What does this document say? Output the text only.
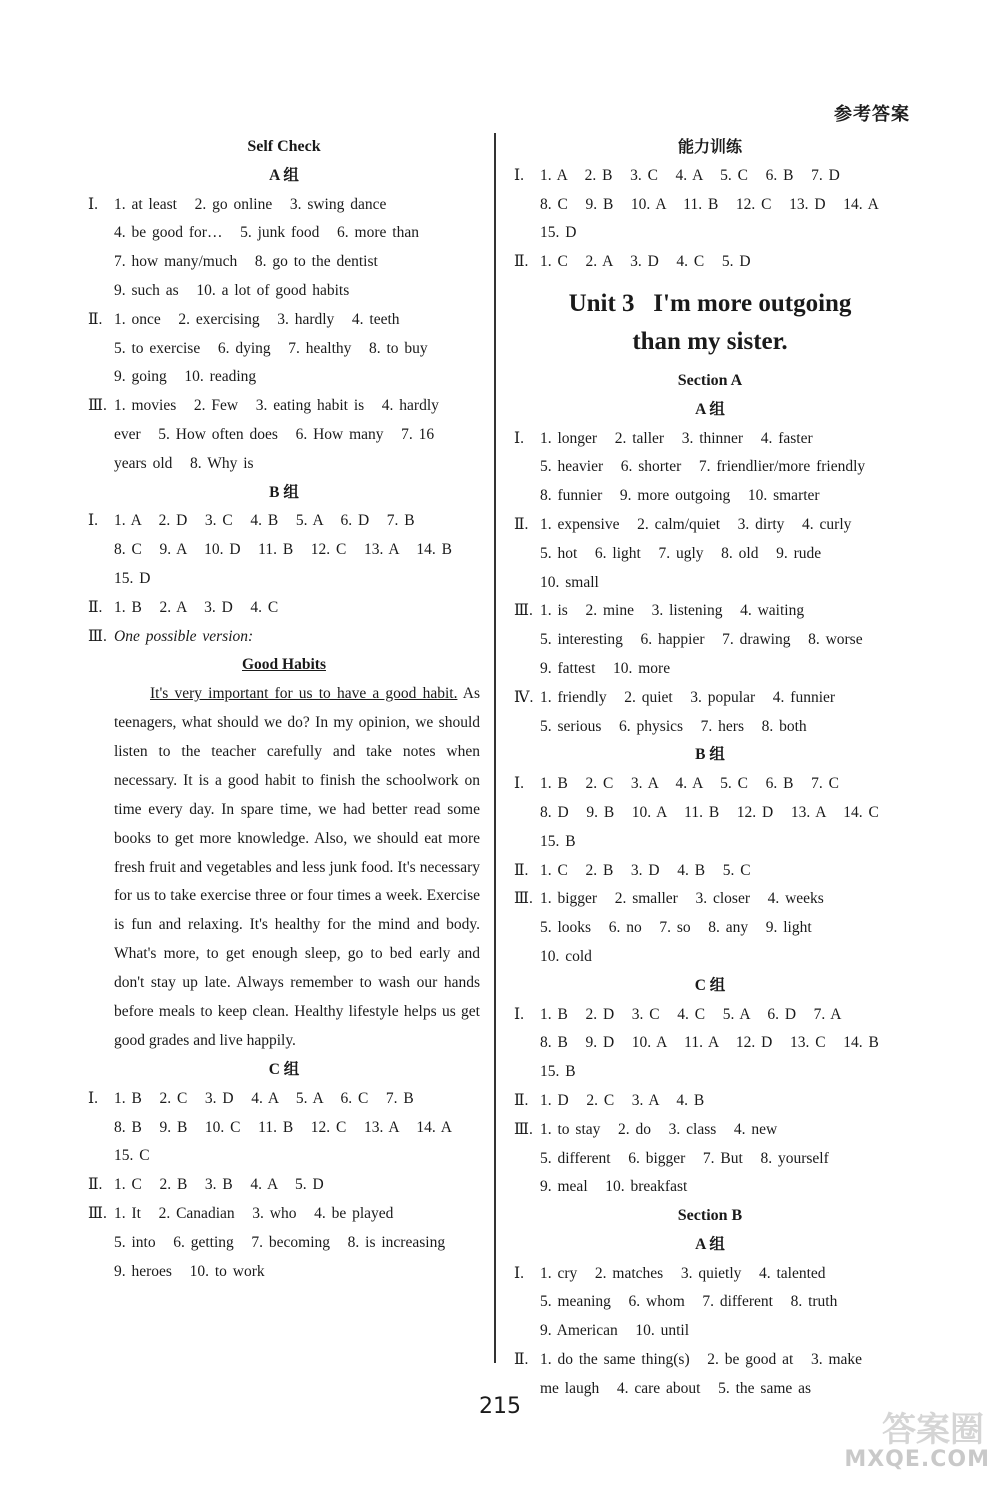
参考答案
Self Check
A 组
Ⅰ. 1. at least   2. go online   3. swing dance
4. be good for…   5. junk food   6. more than
7. how many/much   8. go to the dentist
9. such as   10. a lot of good habits
Ⅱ. 1. once   2. exercising   3. hardly   4. teeth
5. to exercise   6. dying   7. healthy   8. to buy
9. going   10. reading
Ⅲ. 1. movies   2. Few   3. eating habit is   4. hardly
ever   5. How often does   6. How many   7. 16
years old   8. Why is
B 组
Ⅰ. 1. A   2. D   3. C   4. B   5. A   6. D   7. B
8. C   9. A   10. D   11. B   12. C   13. A   14. B
15. D
Ⅱ. 1. B   2. A   3. D   4. C
Ⅲ. One possible version:
Good Habits
It's very important for us to have a good habit. As teenagers, what should we do? In my opinion, we should listen to the teacher carefully and take notes when necessary. It is a good habit to finish the schoolwork on time every day. In spare time, we had better read some books to get more knowledge. Also, we should eat more fresh fruit and vegetables and less junk food. It's necessary for us to take exercise three or four times a week. Exercise is fun and relaxing. It's healthy for the mind and body. What's more, to get enough sleep, go to bed early and don't stay up late. Always remember to wash our hands before meals to keep clean. Healthy lifestyle helps us get good grades and live happily.
C 组
Ⅰ. 1. B   2. C   3. D   4. A   5. A   6. C   7. B
8. B   9. B   10. C   11. B   12. C   13. A   14. A
15. C
Ⅱ. 1. C   2. B   3. B   4. A   5. D
Ⅲ. 1. It   2. Canadian   3. who   4. be played
5. into   6. getting   7. becoming   8. is increasing
9. heroes   10. to work
能力训练
Ⅰ. 1. A   2. B   3. C   4. A   5. C   6. B   7. D
8. C   9. B   10. A   11. B   12. C   13. D   14. A
15. D
Ⅱ. 1. C   2. A   3. D   4. C   5. D
Unit 3   I'm more outgoing
than my sister.
Section A
A 组
Ⅰ. 1. longer   2. taller   3. thinner   4. faster
5. heavier   6. shorter   7. friendlier/more friendly
8. funnier   9. more outgoing   10. smarter
Ⅱ. 1. expensive   2. calm/quiet   3. dirty   4. curly
5. hot   6. light   7. ugly   8. old   9. rude
10. small
Ⅲ. 1. is   2. mine   3. listening   4. waiting
5. interesting   6. happier   7. drawing   8. worse
9. fattest   10. more
Ⅳ. 1. friendly   2. quiet   3. popular   4. funnier
5. serious   6. physics   7. hers   8. both
B 组
Ⅰ. 1. B   2. C   3. A   4. A   5. C   6. B   7. C
8. D   9. B   10. A   11. B   12. D   13. A   14. C
15. B
Ⅱ. 1. C   2. B   3. D   4. B   5. C
Ⅲ. 1. bigger   2. smaller   3. closer   4. weeks
5. looks   6. no   7. so   8. any   9. light
10. cold
C 组
Ⅰ. 1. B   2. D   3. C   4. C   5. A   6. D   7. A
8. B   9. D   10. A   11. A   12. D   13. C   14. B
15. B
Ⅱ. 1. D   2. C   3. A   4. B
Ⅲ. 1. to stay   2. do   3. class   4. new
5. different   6. bigger   7. But   8. yourself
9. meal   10. breakfast
Section B
A 组
Ⅰ. 1. cry   2. matches   3. quietly   4. talented
5. meaning   6. whom   7. different   8. truth
9. American   10. until
Ⅱ. 1. do the same thing(s)   2. be good at   3. make
me laugh   4. care about   5. the same as
215
答案圈
MXQE.COM
